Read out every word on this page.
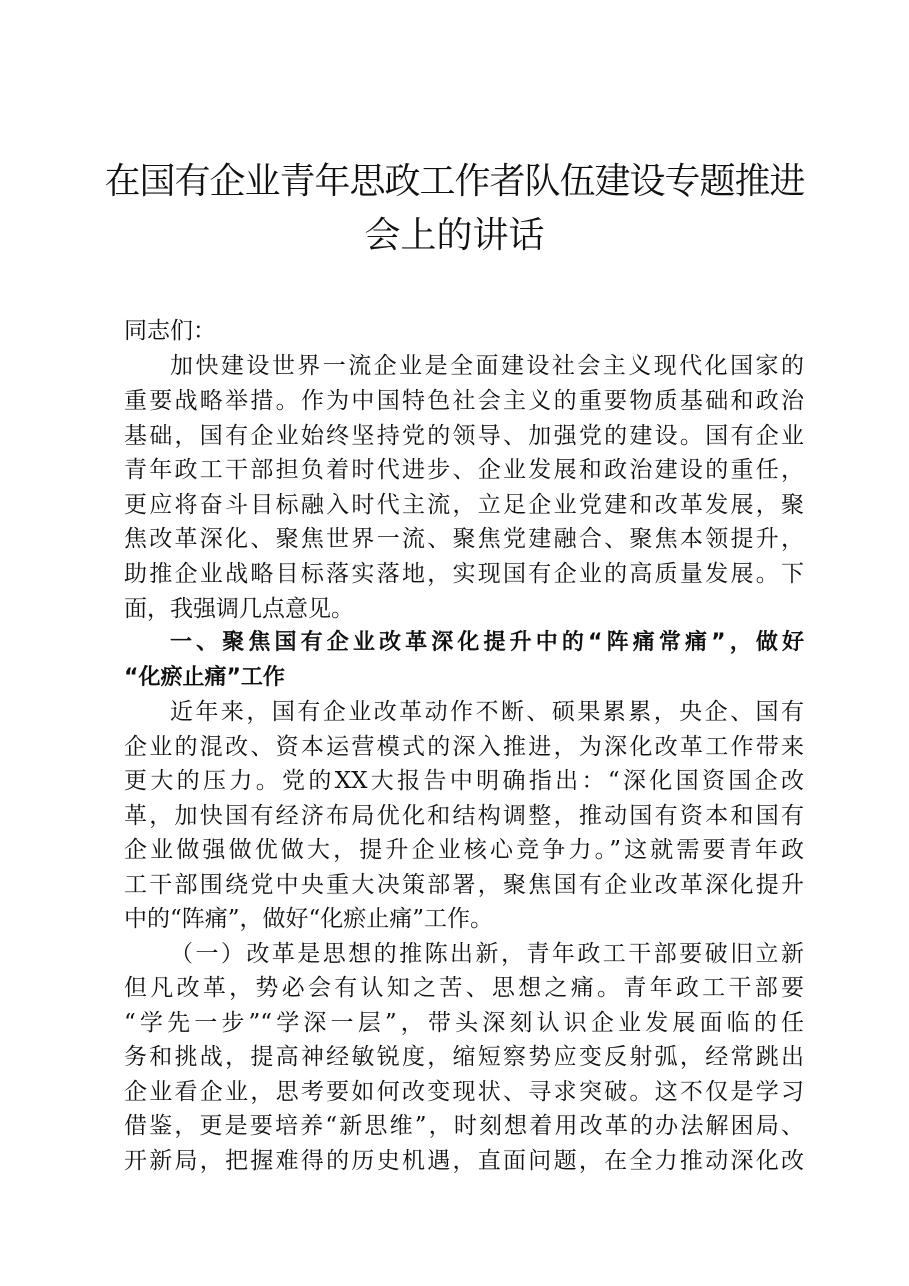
在国有企业青年思政工作者队伍建设专题推进
会上的讲话
同志们：
加快建设世界一流企业是全面建设社会主义现代化国家的
重要战略举措。作为中国特色社会主义的重要物质基础和政治
基础，国有企业始终坚持党的领导、加强党的建设。国有企业
青年政工干部担负着时代进步、企业发展和政治建设的重任，
更应将奋斗目标融入时代主流，立足企业党建和改革发展，聚
焦改革深化、聚焦世界一流、聚焦党建融合、聚焦本领提升，
助推企业战略目标落实落地，实现国有企业的高质量发展。下
面，我强调几点意见。
一、聚焦国有企业改革深化提升中的“阵痛常痛”，做好
“化瘀止痛”工作
近年来，国有企业改革动作不断、硕果累累，央企、国有
企业的混改、资本运营模式的深入推进，为深化改革工作带来
更大的压力。党的XX大报告中明确指出：“深化国资国企改
革，加快国有经济布局优化和结构调整，推动国有资本和国有
企业做强做优做大，提升企业核心竞争力。”这就需要青年政
工干部围绕党中央重大决策部署，聚焦国有企业改革深化提升
中的“阵痛”，做好“化瘀止痛”工作。
（一）改革是思想的推陈出新，青年政工干部要破旧立新
但凡改革，势必会有认知之苦、思想之痛。青年政工干部要
“学先一步”“学深一层”，带头深刻认识企业发展面临的任
务和挑战，提高神经敏锐度，缩短察势应变反射弧，经常跳出
企业看企业，思考要如何改变现状、寻求突破。这不仅是学习
借鉴，更是要培养“新思维”，时刻想着用改革的办法解困局、
开新局，把握难得的历史机遇，直面问题，在全力推动深化改
